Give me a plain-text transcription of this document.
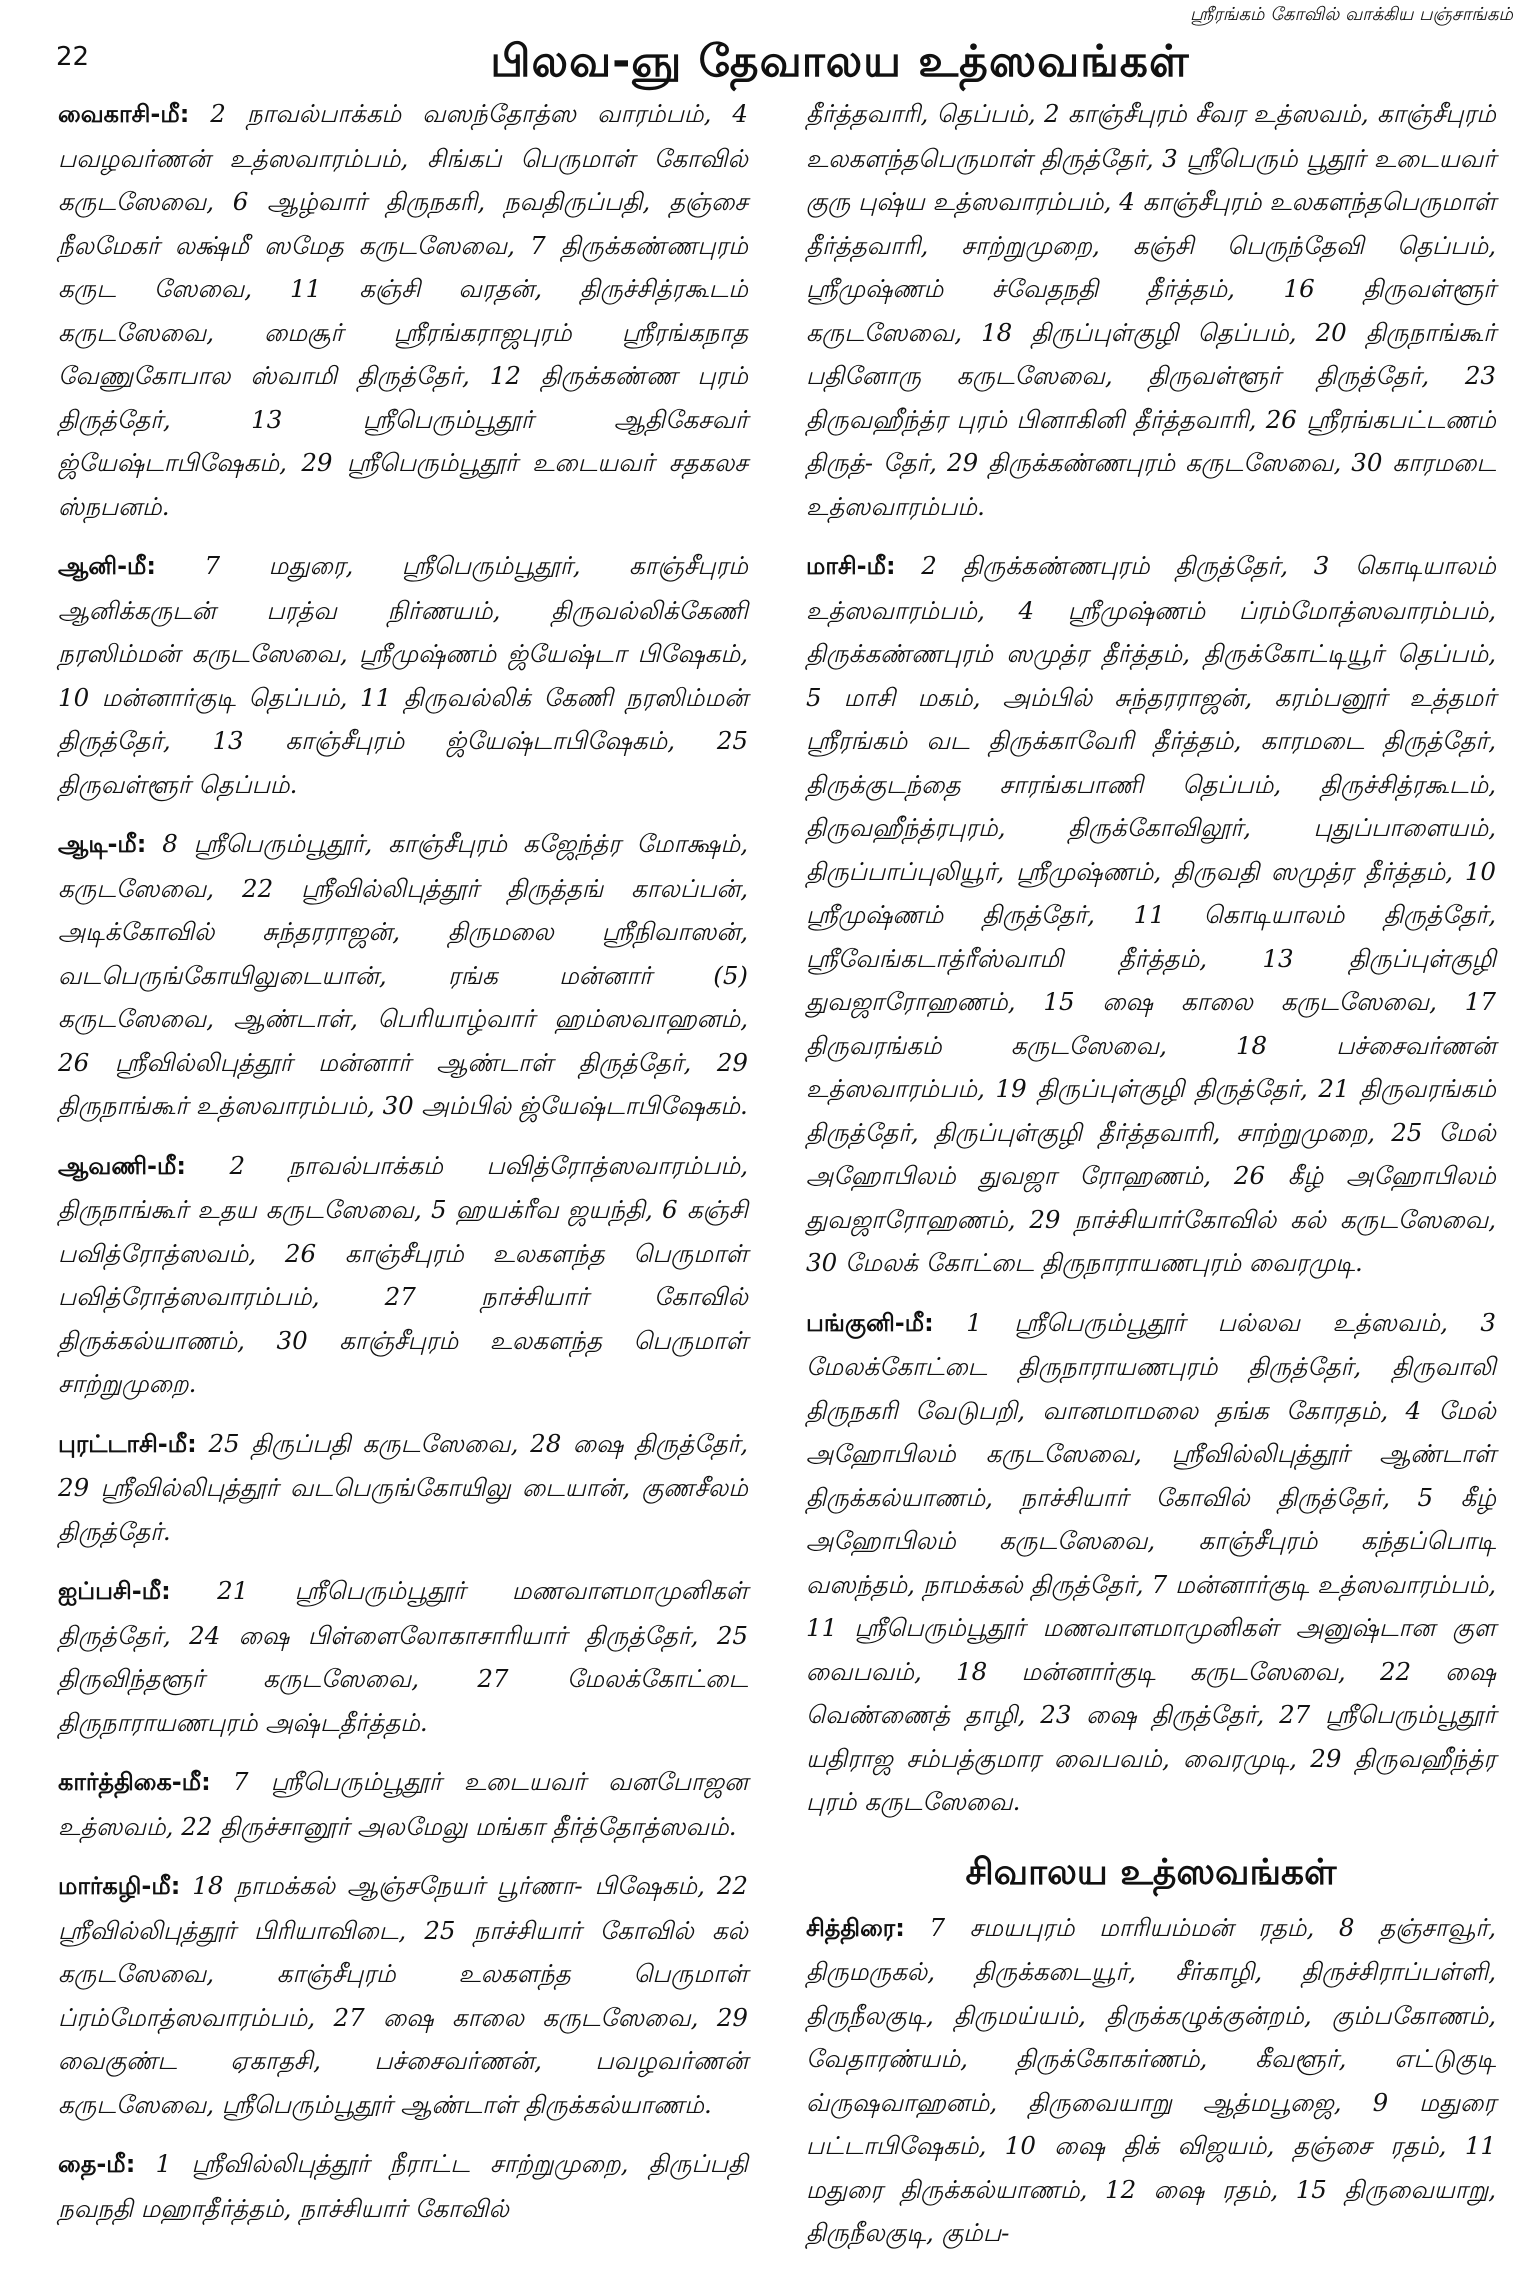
ஸ்ரீரங்கம் கோவில் வாக்கிய பஞ்சாங்கம்
22	பிலவ-ஞு தேவாலய உத்ஸவங்கள்

வைகாசி-மீ: 2 நாவல்பாக்கம் வஸந்தோத்ஸ வாரம்பம், 4 பவழவர்ணன் உத்ஸவாரம்பம், சிங்கப் பெருமாள் கோவில் கருடஸேவை, 6 ஆழ்வார் திருநகரி, நவதிருப்பதி, தஞ்சை நீலமேகர் லக்ஷ்மீ ஸமேத கருடஸேவை, 7 திருக்கண்ணபுரம் கருட ஸேவை, 11 கஞ்சி வரதன், திருச்சித்ரகூடம் கருடஸேவை, மைசூர் ஸ்ரீரங்கராஜபுரம் ஸ்ரீரங்கநாத வேணுகோபால ஸ்வாமி திருத்தேர், 12 திருக்கண்ண புரம் திருத்தேர், 13 ஸ்ரீபெரும்பூதூர் ஆதிகேசவர் ஜ்யேஷ்டாபிஷேகம், 29 ஸ்ரீபெரும்பூதூர் உடையவர் சதகலச ஸ்நபனம்.

ஆனி-மீ: 7 மதுரை, ஸ்ரீபெரும்பூதூர், காஞ்சீபுரம் ஆனிக்கருடன் பரத்வ நிர்ணயம், திருவல்லிக்கேணி நரஸிம்மன் கருடஸேவை, ஸ்ரீமுஷ்ணம் ஜ்யேஷ்டா பிஷேகம், 10 மன்னார்குடி தெப்பம், 11 திருவல்லிக் கேணி நரஸிம்மன் திருத்தேர், 13 காஞ்சீபுரம் ஜ்யேஷ்டாபிஷேகம், 25 திருவள்ளூர் தெப்பம்.

ஆடி-மீ: 8 ஸ்ரீபெரும்பூதூர், காஞ்சீபுரம் கஜேந்த்ர மோக்ஷம், கருடஸேவை, 22 ஸ்ரீவில்லிபுத்தூர் திருத்தங் காலப்பன், அடிக்கோவில் சுந்தரராஜன், திருமலை ஸ்ரீநிவாஸன், வடபெருங்கோயிலுடையான், ரங்க மன்னார் (5) கருடஸேவை, ஆண்டாள், பெரியாழ்வார் ஹம்ஸவாஹனம், 26 ஸ்ரீவில்லிபுத்தூர் மன்னார் ஆண்டாள் திருத்தேர், 29 திருநாங்கூர் உத்ஸவாரம்பம், 30 அம்பில் ஜ்யேஷ்டாபிஷேகம்.

ஆவணி-மீ: 2 நாவல்பாக்கம் பவித்ரோத்ஸவாரம்பம், திருநாங்கூர் உதய கருடஸேவை, 5 ஹயக்ரீவ ஜயந்தி, 6 கஞ்சி பவித்ரோத்ஸவம், 26 காஞ்சீபுரம் உலகளந்த பெருமாள் பவித்ரோத்ஸவாரம்பம், 27 நாச்சியார் கோவில் திருக்கல்யாணம், 30 காஞ்சீபுரம் உலகளந்த பெருமாள் சாற்றுமுறை.

புரட்டாசி-மீ: 25 திருப்பதி கருடஸேவை, 28 ஷை திருத்தேர், 29 ஸ்ரீவில்லிபுத்தூர் வடபெருங்கோயிலு டையான், குணசீலம் திருத்தேர்.

ஐப்பசி-மீ: 21 ஸ்ரீபெரும்பூதூர் மணவாளமாமுனிகள் திருத்தேர், 24 ஷை பிள்ளைலோகாசாரியார் திருத்தேர், 25 திருவிந்தளூர் கருடஸேவை, 27 மேலக்கோட்டை திருநாராயணபுரம் அஷ்டதீர்த்தம்.

கார்த்திகை-மீ: 7 ஸ்ரீபெரும்பூதூர் உடையவர் வனபோஜன உத்ஸவம், 22 திருச்சானூர் அலமேலு மங்கா தீர்த்தோத்ஸவம்.

மார்கழி-மீ: 18 நாமக்கல் ஆஞ்சநேயர் பூர்ணா- பிஷேகம், 22 ஸ்ரீவில்லிபுத்தூர் பிரியாவிடை, 25 நாச்சியார் கோவில் கல் கருடஸேவை, காஞ்சீபுரம் உலகளந்த பெருமாள் ப்ரம்மோத்ஸவாரம்பம், 27 ஷை காலை கருடஸேவை, 29 வைகுண்ட ஏகாதசி, பச்சைவர்ணன், பவழவர்ணன் கருடஸேவை, ஸ்ரீபெரும்பூதூர் ஆண்டாள் திருக்கல்யாணம்.

தை-மீ: 1 ஸ்ரீவில்லிபுத்தூர் நீராட்ட சாற்றுமுறை, திருப்பதி நவநதி மஹாதீர்த்தம், நாச்சியார் கோவில்

தீர்த்தவாரி, தெப்பம், 2 காஞ்சீபுரம் சீவர உத்ஸவம், காஞ்சீபுரம் உலகளந்தபெருமாள் திருத்தேர், 3 ஸ்ரீபெரும் பூதூர் உடையவர் குரு புஷ்ய உத்ஸவாரம்பம், 4 காஞ்சீபுரம் உலகளந்தபெருமாள் தீர்த்தவாரி, சாற்றுமுறை, கஞ்சி பெருந்தேவி தெப்பம், ஸ்ரீமுஷ்ணம் ச்வேதநதி தீர்த்தம், 16 திருவள்ளூர் கருடஸேவை, 18 திருப்புள்குழி தெப்பம், 20 திருநாங்கூர் பதினோரு கருடஸேவை, திருவள்ளூர் திருத்தேர், 23 திருவஹீந்த்ர புரம் பினாகினி தீர்த்தவாரி, 26 ஸ்ரீரங்கபட்டணம் திருத்- தேர், 29 திருக்கண்ணபுரம் கருடஸேவை, 30 காரமடை உத்ஸவாரம்பம்.

மாசி-மீ: 2 திருக்கண்ணபுரம் திருத்தேர், 3 கொடியாலம் உத்ஸவாரம்பம், 4 ஸ்ரீமுஷ்ணம் ப்ரம்மோத்ஸவாரம்பம், திருக்கண்ணபுரம் ஸமுத்ர தீர்த்தம், திருக்கோட்டியூர் தெப்பம், 5 மாசி மகம், அம்பில் சுந்தரராஜன், கரம்பனூர் உத்தமர் ஸ்ரீரங்கம் வட திருக்காவேரி தீர்த்தம், காரமடை திருத்தேர், திருக்குடந்தை சாரங்கபாணி தெப்பம், திருச்சித்ரகூடம், திருவஹீந்த்ரபுரம், திருக்கோவிலூர், புதுப்பாளையம், திருப்பாப்புலியூர், ஸ்ரீமுஷ்ணம், திருவதி ஸமுத்ர தீர்த்தம், 10 ஸ்ரீமுஷ்ணம் திருத்தேர், 11 கொடியாலம் திருத்தேர், ஸ்ரீவேங்கடாத்ரீஸ்வாமி தீர்த்தம், 13 திருப்புள்குழி துவஜாரோஹணம், 15 ஷை காலை கருடஸேவை, 17 திருவரங்கம் கருடஸேவை, 18 பச்சைவர்ணன் உத்ஸவாரம்பம், 19 திருப்புள்குழி திருத்தேர், 21 திருவரங்கம் திருத்தேர், திருப்புள்குழி தீர்த்தவாரி, சாற்றுமுறை, 25 மேல் அஹோபிலம் துவஜா ரோஹணம், 26 கீழ் அஹோபிலம் துவஜாரோஹணம், 29 நாச்சியார்கோவில் கல் கருடஸேவை, 30 மேலக் கோட்டை திருநாராயணபுரம் வைரமுடி.

பங்குனி-மீ: 1 ஸ்ரீபெரும்பூதூர் பல்லவ உத்ஸவம், 3 மேலக்கோட்டை திருநாராயணபுரம் திருத்தேர், திருவாலி திருநகரி வேடுபறி, வானமாமலை தங்க கோரதம், 4 மேல் அஹோபிலம் கருடஸேவை, ஸ்ரீவில்லிபுத்தூர் ஆண்டாள் திருக்கல்யாணம், நாச்சியார் கோவில் திருத்தேர், 5 கீழ் அஹோபிலம் கருடஸேவை, காஞ்சீபுரம் கந்தப்பொடி வஸந்தம், நாமக்கல் திருத்தேர், 7 மன்னார்குடி உத்ஸவாரம்பம், 11 ஸ்ரீபெரும்பூதூர் மணவாளமாமுனிகள் அனுஷ்டான குள வைபவம், 18 மன்னார்குடி கருடஸேவை, 22 ஷை வெண்ணைத் தாழி, 23 ஷை திருத்தேர், 27 ஸ்ரீபெரும்பூதூர் யதிராஜ சம்பத்குமார வைபவம், வைரமுடி, 29 திருவஹீந்த்ர புரம் கருடஸேவை.

சிவாலய உத்ஸவங்கள்

சித்திரை: 7 சமயபுரம் மாரியம்மன் ரதம், 8 தஞ்சாவூர், திருமருகல், திருக்கடையூர், சீர்காழி, திருச்சிராப்பள்ளி, திருநீலகுடி, திருமய்யம், திருக்கழுக்குன்றம், கும்பகோணம், வேதாரண்யம், திருக்கோகர்ணம், கீவளூர், எட்டுகுடி வ்ருஷவாஹனம், திருவையாறு ஆத்மபூஜை, 9 மதுரை பட்டாபிஷேகம், 10 ஷை திக் விஜயம், தஞ்சை ரதம், 11 மதுரை திருக்கல்யாணம், 12 ஷை ரதம், 15 திருவையாறு, திருநீலகுடி, கும்ப-
